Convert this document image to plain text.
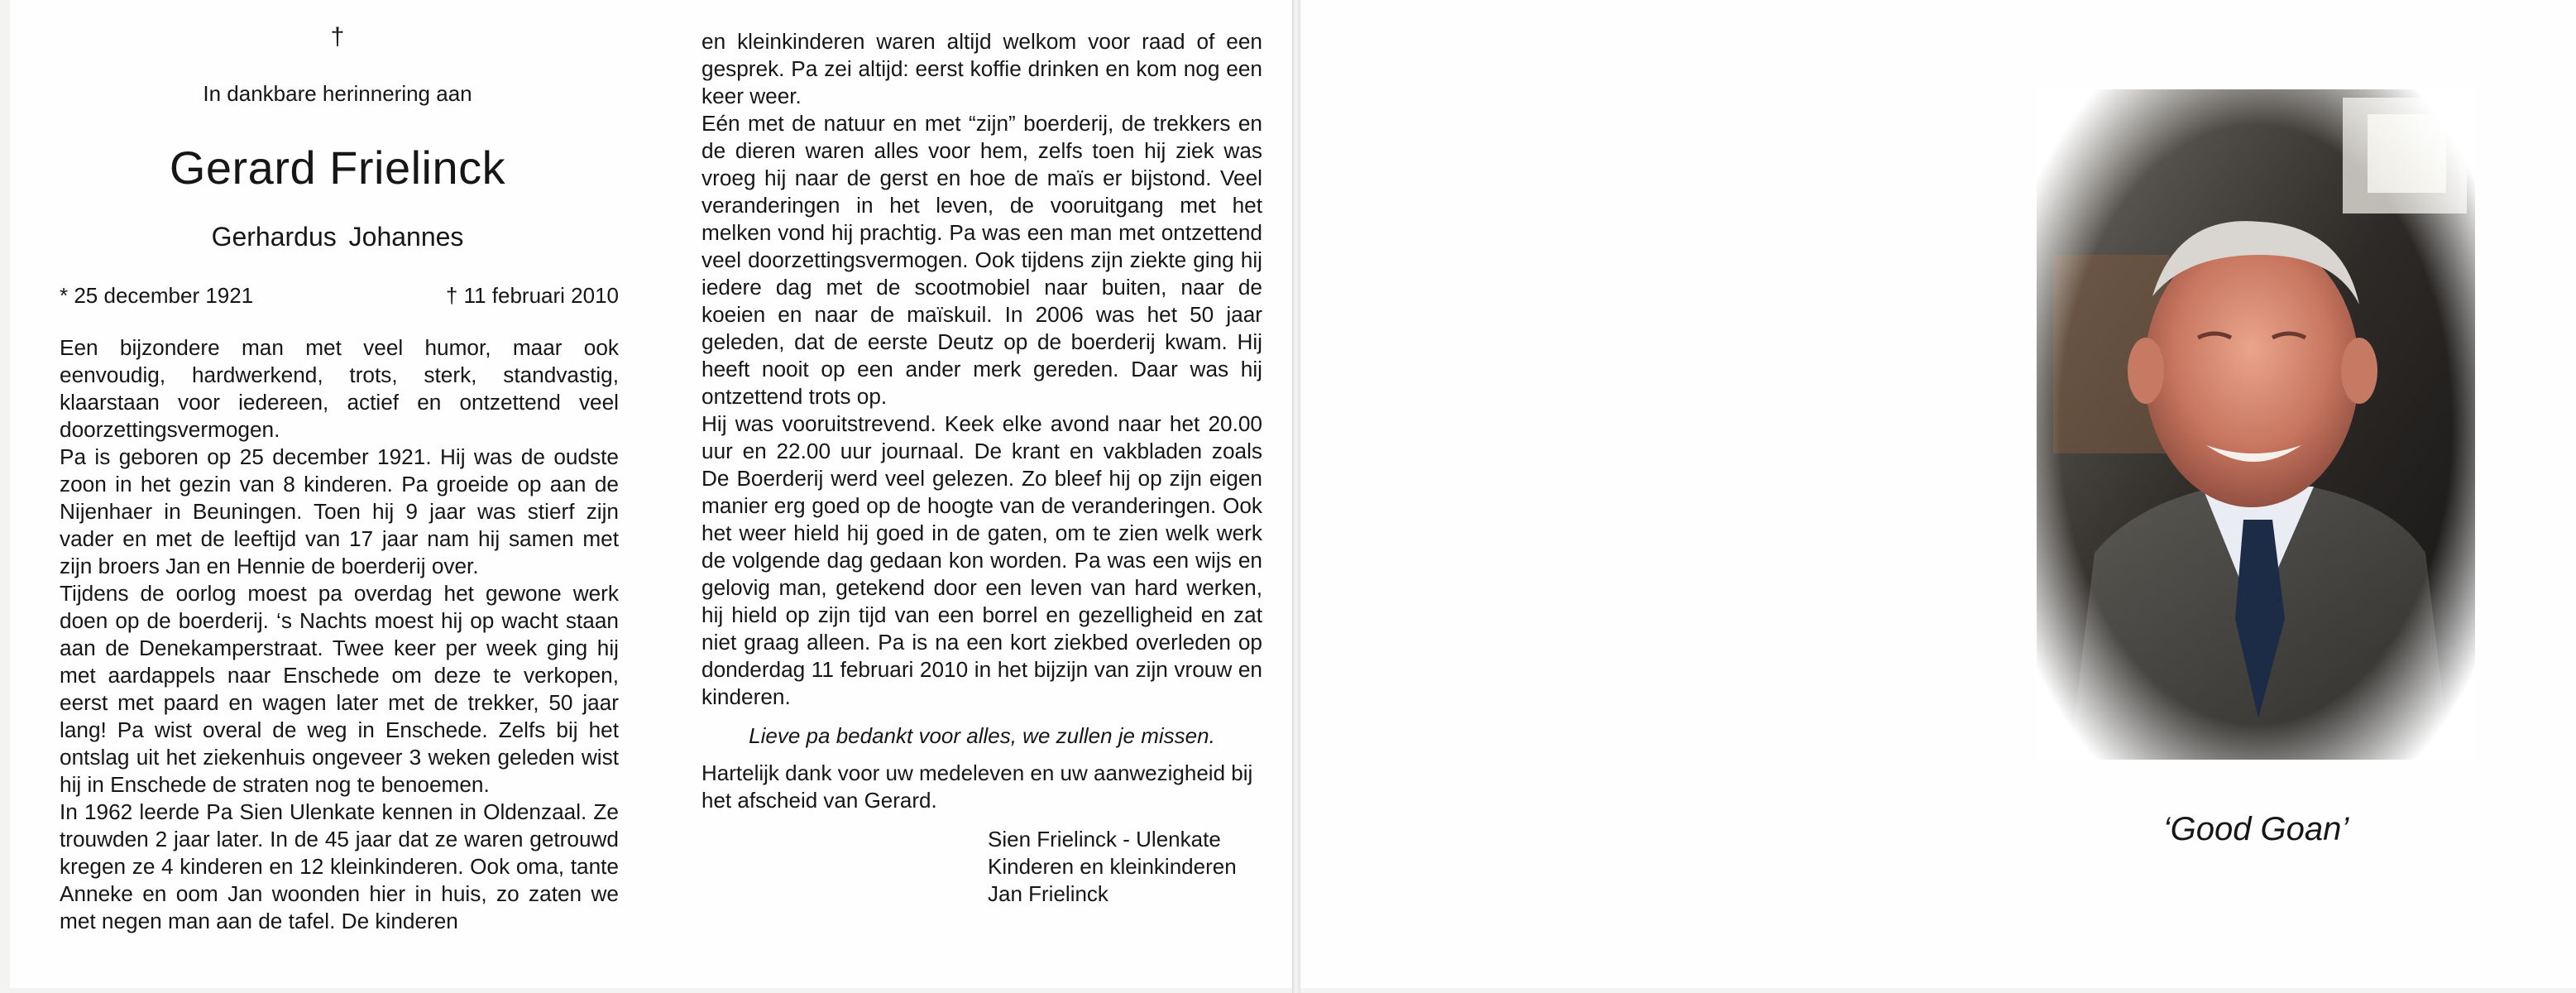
†
In dankbare herinnering aan
Gerard Frielinck
Gerhardus Johannes
* 25 december 1921	† 11 februari 2010

Een bijzondere man met veel humor, maar ook eenvoudig, hardwerkend, trots, sterk, standvastig, klaarstaan voor iedereen, actief en ontzettend veel doorzettingsvermogen.

Pa is geboren op 25 december 1921. Hij was de oudste zoon in het gezin van 8 kinderen. Pa groeide op aan de Nijenhaer in Beuningen. Toen hij 9 jaar was stierf zijn vader en met de leeftijd van 17 jaar nam hij samen met zijn broers Jan en Hennie de boerderij over.

Tijdens de oorlog moest pa overdag het gewone werk doen op de boerderij. ‘s Nachts moest hij op wacht staan aan de Denekamperstraat. Twee keer per week ging hij met aardappels naar Enschede om deze te verkopen, eerst met paard en wagen later met de trekker, 50 jaar lang! Pa wist overal de weg in Enschede. Zelfs bij het ontslag uit het ziekenhuis ongeveer 3 weken geleden wist hij in Enschede de straten nog te benoemen.

In 1962 leerde Pa Sien Ulenkate kennen in Oldenzaal. Ze trouwden 2 jaar later. In de 45 jaar dat ze waren getrouwd kregen ze 4 kinderen en 12 kleinkinderen. Ook oma, tante Anneke en oom Jan woonden hier in huis, zo zaten we met negen man aan de tafel. De kinderen

en kleinkinderen waren altijd welkom voor raad of een gesprek. Pa zei altijd: eerst koffie drinken en kom nog een keer weer.

Eén met de natuur en met “zijn” boerderij, de trekkers en de dieren waren alles voor hem, zelfs toen hij ziek was vroeg hij naar de gerst en hoe de maïs er bijstond. Veel veranderingen in het leven, de vooruitgang met het melken vond hij prachtig. Pa was een man met ontzettend veel doorzettingsvermogen. Ook tijdens zijn ziekte ging hij iedere dag met de scootmobiel naar buiten, naar de koeien en naar de maïskuil. In 2006 was het 50 jaar geleden, dat de eerste Deutz op de boerderij kwam. Hij heeft nooit op een ander merk gereden. Daar was hij ontzettend trots op.

Hij was vooruitstrevend. Keek elke avond naar het 20.00 uur en 22.00 uur journaal. De krant en vakbladen zoals De Boerderij werd veel gelezen. Zo bleef hij op zijn eigen manier erg goed op de hoogte van de veranderingen. Ook het weer hield hij goed in de gaten, om te zien welk werk de volgende dag gedaan kon worden. Pa was een wijs en gelovig man, getekend door een leven van hard werken, hij hield op zijn tijd van een borrel en gezelligheid en zat niet graag alleen. Pa is na een kort ziekbed overleden op donderdag 11 februari 2010 in het bijzijn van zijn vrouw en kinderen.

Lieve pa bedankt voor alles, we zullen je missen.
Hartelijk dank voor uw medeleven en uw aanwezigheid bij het afscheid van Gerard.
Sien Frielinck - Ulenkate
Kinderen en kleinkinderen
Jan Frielinck
‘Good Goan’
